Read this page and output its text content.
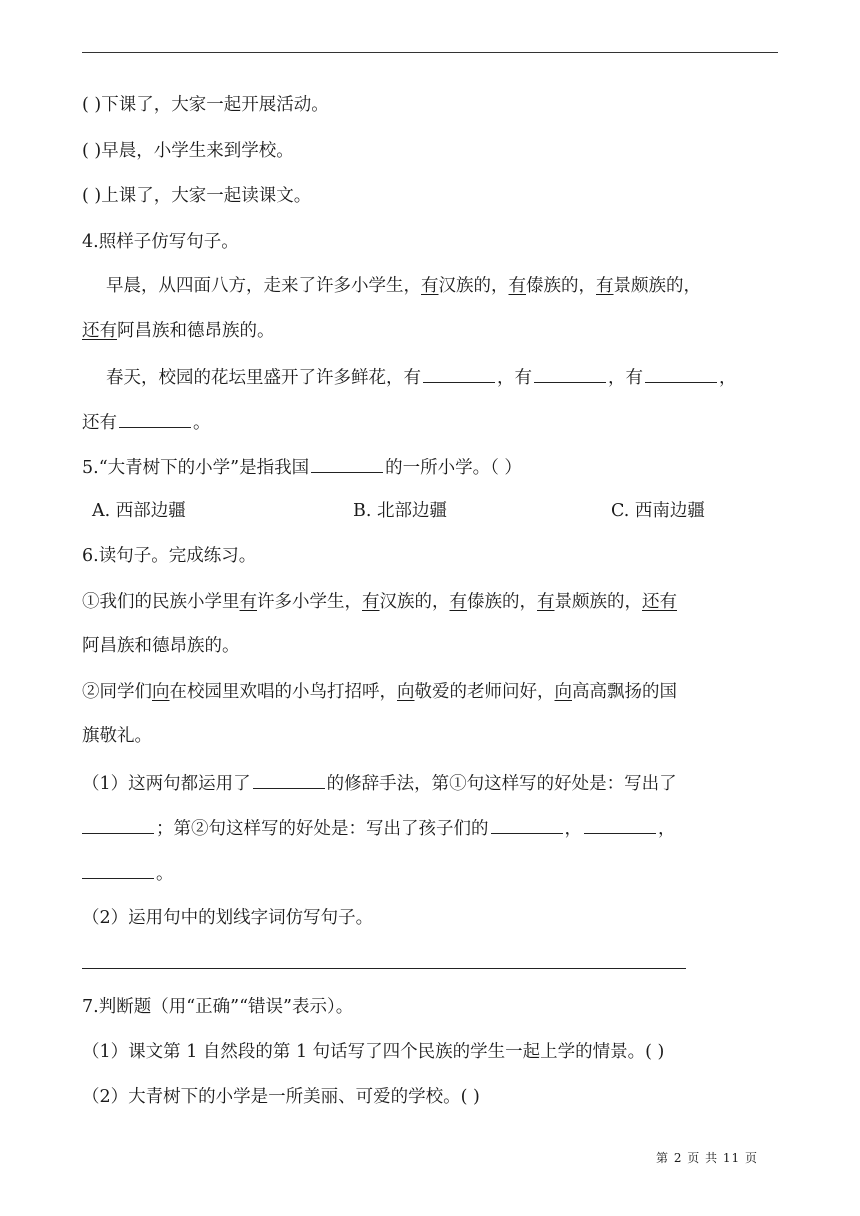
( )下课了，大家一起开展活动。
( )早晨，小学生来到学校。
( )上课了，大家一起读课文。
4.照样子仿写句子。
早晨，从四面八方，走来了许多小学生，有汉族的，有傣族的，有景颇族的，
还有阿昌族和德昂族的。
春天，校园的花坛里盛开了许多鲜花，有	，有	，有	，
还有	。
5.“大青树下的小学”是指我国	的一所小学。（ ）
A. 西部边疆	B. 北部边疆	C. 西南边疆
6.读句子。完成练习。
①我们的民族小学里有许多小学生，有汉族的，有傣族的，有景颇族的，还有
阿昌族和德昂族的。
②同学们向在校园里欢唱的小鸟打招呼，向敬爱的老师问好，向高高飘扬的国
旗敬礼。
（1）这两句都运用了	的修辞手法，第①句这样写的好处是：写出了
；第②句这样写的好处是：写出了孩子们的	，	，
。
（2）运用句中的划线字词仿写句子。
7.判断题（用“正确”“错误”表示）。
（1）课文第 1 自然段的第 1 句话写了四个民族的学生一起上学的情景。( )
（2）大青树下的小学是一所美丽、可爱的学校。( )
第 2 页 共 11 页
